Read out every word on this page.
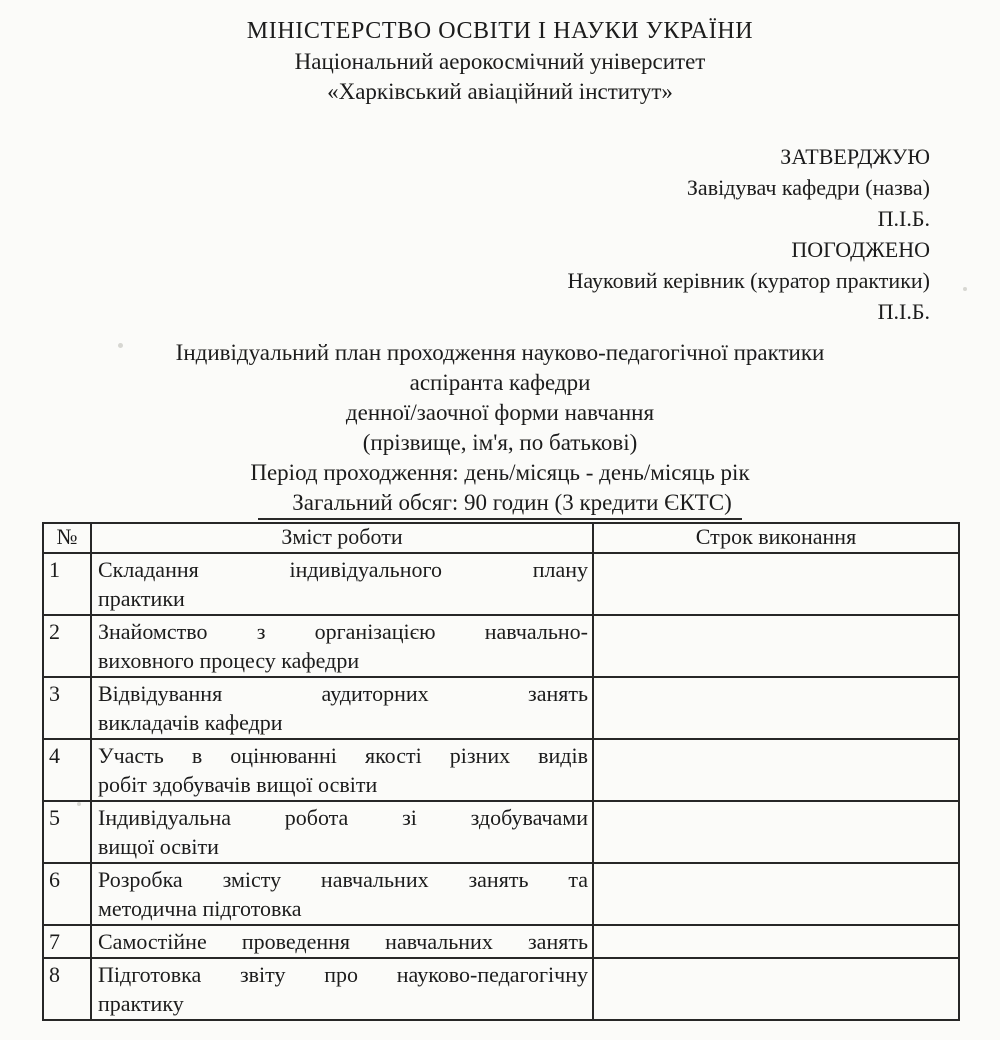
МІНІСТЕРСТВО ОСВІТИ І НАУКИ УКРАЇНИ
Національний аерокосмічний університет
«Харківський авіаційний інститут»
ЗАТВЕРДЖУЮ
Завідувач кафедри (назва)
П.І.Б.
ПОГОДЖЕНО
Науковий керівник (куратор практики)
П.І.Б.
Індивідуальний план проходження науково-педагогічної практики
аспіранта кафедри
денної/заочної форми навчання
(прізвище, ім'я, по батькові)
Період проходження: день/місяць - день/місяць рік
Загальний обсяг: 90 годин (3 кредити ЄКТС)
№	Зміст роботи	Строк виконання
1	Складання індивідуального плану
практики	

2	Знайомство з організацією навчально-
виховного процесу кафедри	

3	Відвідування аудиторних занять
викладачів кафедри	

4	Участь в оцінюванні якості різних видів
робіт здобувачів вищої освіти	

5	Індивідуальна робота зі здобувачами
вищої освіти	

6	Розробка змісту навчальних занять та
методична підготовка	

7	Самостійне проведення навчальних занять	

8	Підготовка звіту про науково-педагогічну
практику	
